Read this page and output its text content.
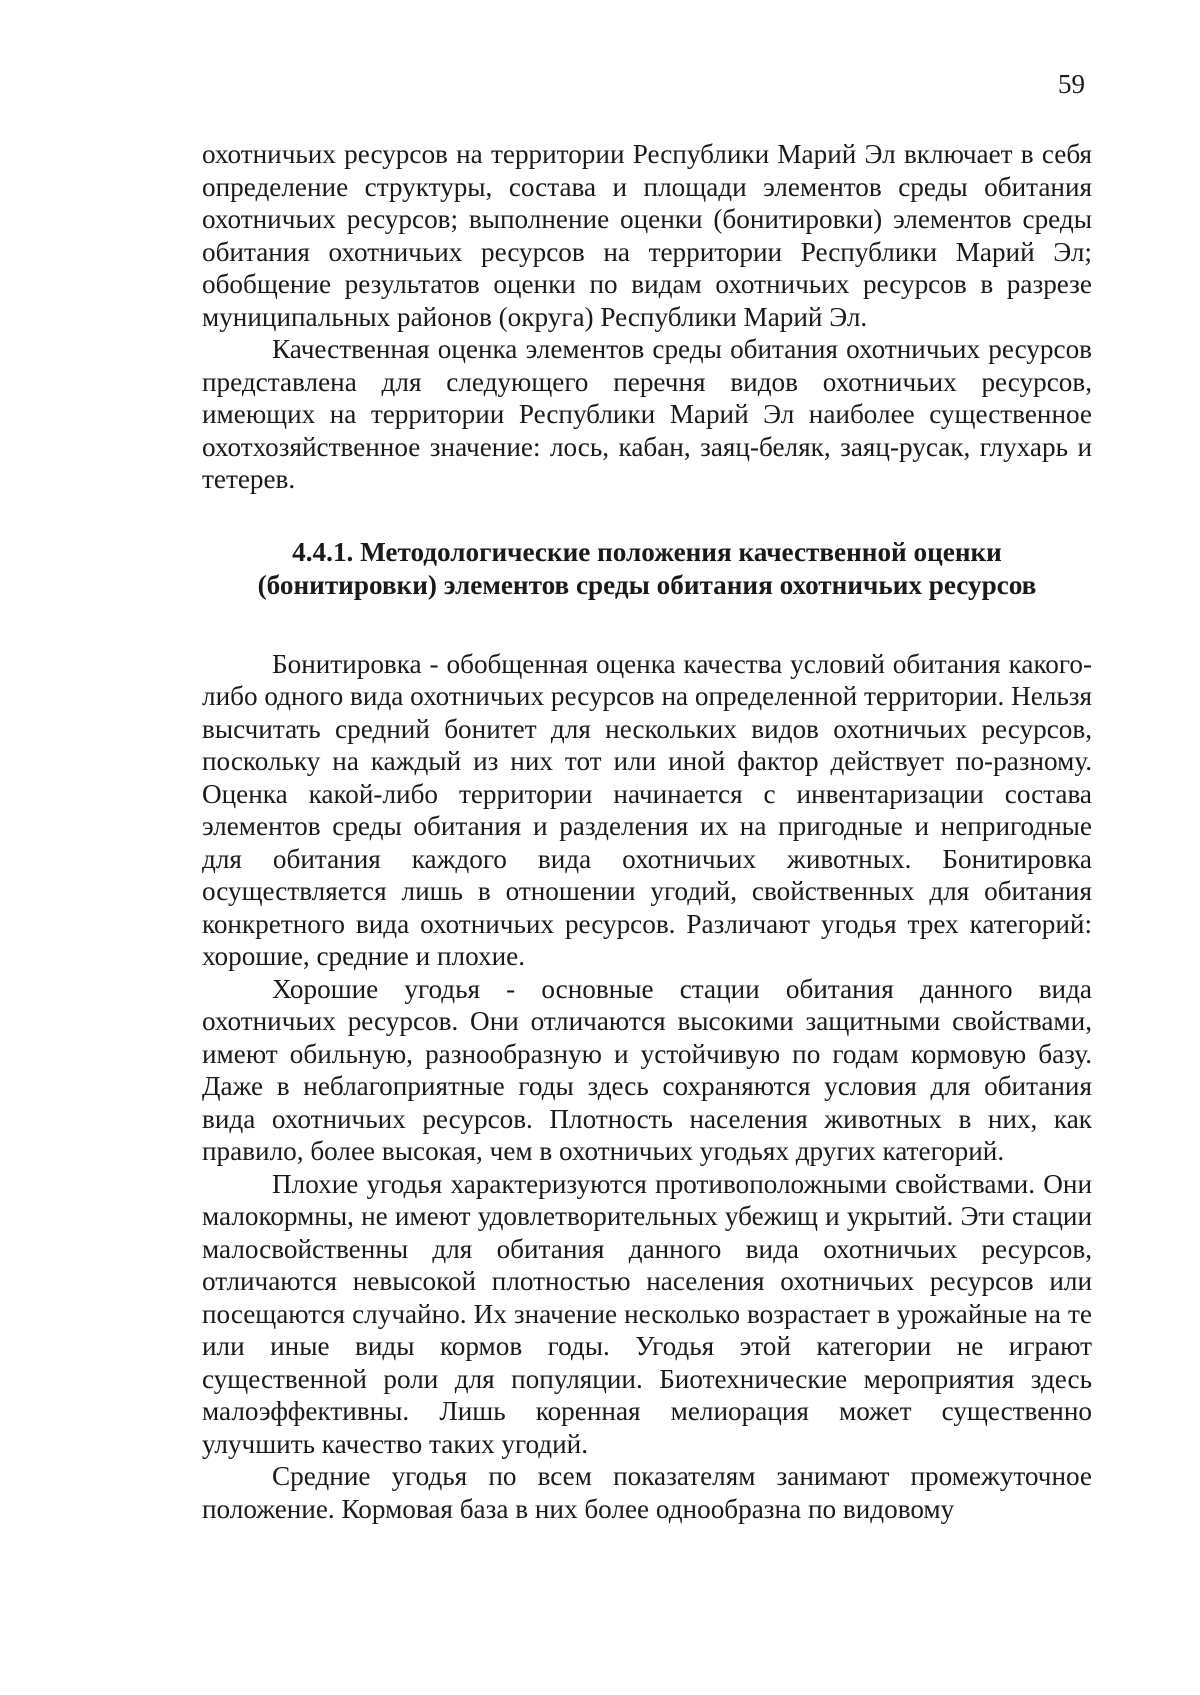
59

охотничьих ресурсов на территории Республики Марий Эл включает в себя определение структуры, состава и площади элементов среды обитания охотничьих ресурсов; выполнение оценки (бонитировки) элементов среды обитания охотничьих ресурсов на территории Республики Марий Эл; обобщение результатов оценки по видам охотничьих ресурсов в разрезе муниципальных районов (округа) Республики Марий Эл.

Качественная оценка элементов среды обитания охотничьих ресурсов представлена для следующего перечня видов охотничьих ресурсов, имеющих на территории Республики Марий Эл наиболее существенное охотхозяйственное значение: лось, кабан, заяц-беляк, заяц-русак, глухарь и тетерев.

4.4.1. Методологические положения качественной оценки
(бонитировки) элементов среды обитания охотничьих ресурсов

Бонитировка - обобщенная оценка качества условий обитания какого-либо одного вида охотничьих ресурсов на определенной территории. Нельзя высчитать средний бонитет для нескольких видов охотничьих ресурсов, поскольку на каждый из них тот или иной фактор действует по-разному. Оценка какой-либо территории начинается с инвентаризации состава элементов среды обитания и разделения их на пригодные и непригодные для обитания каждого вида охотничьих животных. Бонитировка осуществляется лишь в отношении угодий, свойственных для обитания конкретного вида охотничьих ресурсов. Различают угодья трех категорий: хорошие, средние и плохие.

Хорошие угодья - основные стации обитания данного вида охотничьих ресурсов. Они отличаются высокими защитными свойствами, имеют обильную, разнообразную и устойчивую по годам кормовую базу. Даже в неблагоприятные годы здесь сохраняются условия для обитания вида охотничьих ресурсов. Плотность населения животных в них, как правило, более высокая, чем в охотничьих угодьях других категорий.

Плохие угодья характеризуются противоположными свойствами. Они малокормны, не имеют удовлетворительных убежищ и укрытий. Эти стации малосвойственны для обитания данного вида охотничьих ресурсов, отличаются невысокой плотностью населения охотничьих ресурсов или посещаются случайно. Их значение несколько возрастает в урожайные на те или иные виды кормов годы. Угодья этой категории не играют существенной роли для популяции. Биотехнические мероприятия здесь малоэффективны. Лишь коренная мелиорация может существенно улучшить качество таких угодий.

Средние угодья по всем показателям занимают промежуточное положение. Кормовая база в них более однообразна по видовому
